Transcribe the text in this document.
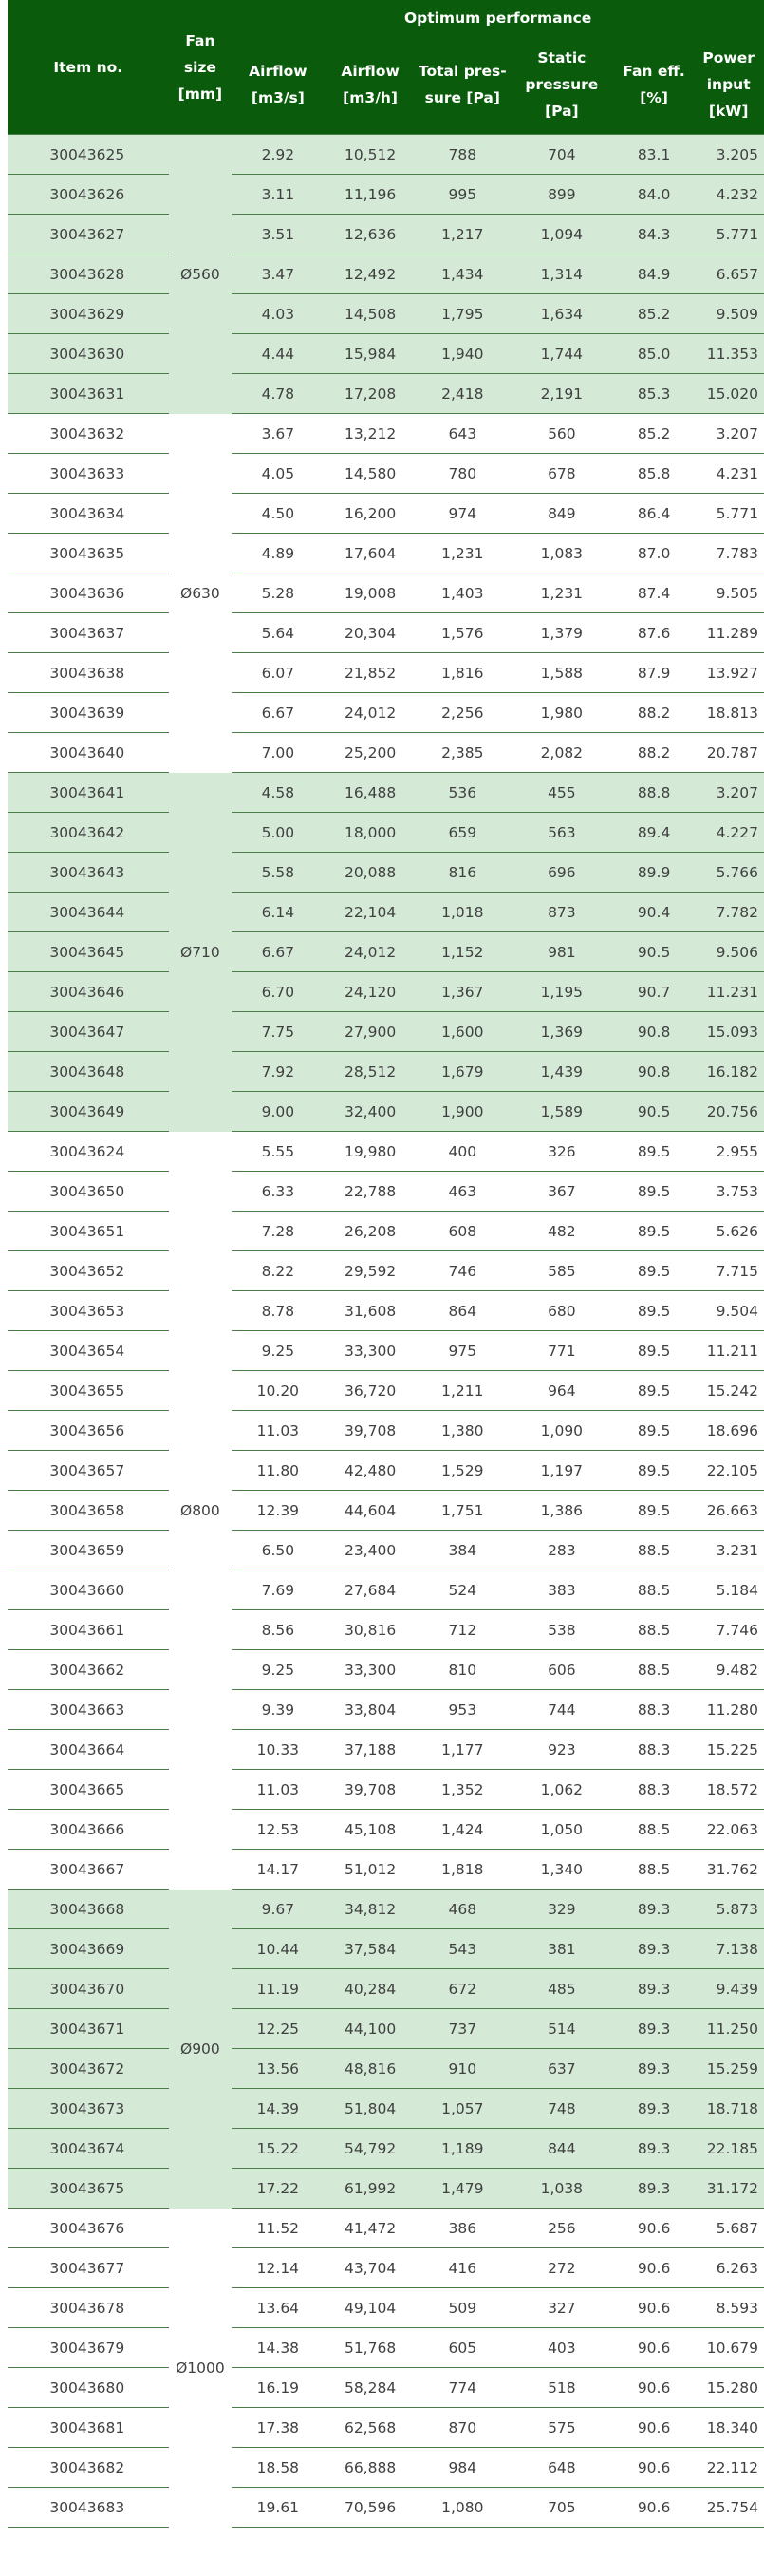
Item no.	Fan size [mm]	Optimum performance					
		Airflow [m3/s]	Airflow [m3/h]	Total pres-sure [Pa]	Static pressure [Pa]	Fan eff. [%]	Power input [kW]
30043625	Ø560	2.92	10,512	788	704	83.1	3.205
30043626		3.11	11,196	995	899	84.0	4.232
30043627		3.51	12,636	1,217	1,094	84.3	5.771
30043628		3.47	12,492	1,434	1,314	84.9	6.657
30043629		4.03	14,508	1,795	1,634	85.2	9.509
30043630		4.44	15,984	1,940	1,744	85.0	11.353
30043631		4.78	17,208	2,418	2,191	85.3	15.020
30043632	Ø630	3.67	13,212	643	560	85.2	3.207
30043633		4.05	14,580	780	678	85.8	4.231
30043634		4.50	16,200	974	849	86.4	5.771
30043635		4.89	17,604	1,231	1,083	87.0	7.783
30043636		5.28	19,008	1,403	1,231	87.4	9.505
30043637		5.64	20,304	1,576	1,379	87.6	11.289
30043638		6.07	21,852	1,816	1,588	87.9	13.927
30043639		6.67	24,012	2,256	1,980	88.2	18.813
30043640		7.00	25,200	2,385	2,082	88.2	20.787
30043641	Ø710	4.58	16,488	536	455	88.8	3.207
30043642		5.00	18,000	659	563	89.4	4.227
30043643		5.58	20,088	816	696	89.9	5.766
30043644		6.14	22,104	1,018	873	90.4	7.782
30043645		6.67	24,012	1,152	981	90.5	9.506
30043646		6.70	24,120	1,367	1,195	90.7	11.231
30043647		7.75	27,900	1,600	1,369	90.8	15.093
30043648		7.92	28,512	1,679	1,439	90.8	16.182
30043649		9.00	32,400	1,900	1,589	90.5	20.756
30043624	Ø800	5.55	19,980	400	326	89.5	2.955
30043650		6.33	22,788	463	367	89.5	3.753
30043651		7.28	26,208	608	482	89.5	5.626
30043652		8.22	29,592	746	585	89.5	7.715
30043653		8.78	31,608	864	680	89.5	9.504
30043654		9.25	33,300	975	771	89.5	11.211
30043655		10.20	36,720	1,211	964	89.5	15.242
30043656		11.03	39,708	1,380	1,090	89.5	18.696
30043657		11.80	42,480	1,529	1,197	89.5	22.105
30043658		12.39	44,604	1,751	1,386	89.5	26.663
30043659		6.50	23,400	384	283	88.5	3.231
30043660		7.69	27,684	524	383	88.5	5.184
30043661		8.56	30,816	712	538	88.5	7.746
30043662		9.25	33,300	810	606	88.5	9.482
30043663		9.39	33,804	953	744	88.3	11.280
30043664		10.33	37,188	1,177	923	88.3	15.225
30043665		11.03	39,708	1,352	1,062	88.3	18.572
30043666		12.53	45,108	1,424	1,050	88.5	22.063
30043667		14.17	51,012	1,818	1,340	88.5	31.762
30043668	Ø900	9.67	34,812	468	329	89.3	5.873
30043669		10.44	37,584	543	381	89.3	7.138
30043670		11.19	40,284	672	485	89.3	9.439
30043671		12.25	44,100	737	514	89.3	11.250
30043672		13.56	48,816	910	637	89.3	15.259
30043673		14.39	51,804	1,057	748	89.3	18.718
30043674		15.22	54,792	1,189	844	89.3	22.185
30043675		17.22	61,992	1,479	1,038	89.3	31.172
30043676	Ø1000	11.52	41,472	386	256	90.6	5.687
30043677		12.14	43,704	416	272	90.6	6.263
30043678		13.64	49,104	509	327	90.6	8.593
30043679		14.38	51,768	605	403	90.6	10.679
30043680		16.19	58,284	774	518	90.6	15.280
30043681		17.38	62,568	870	575	90.6	18.340
30043682		18.58	66,888	984	648	90.6	22.112
30043683		19.61	70,596	1,080	705	90.6	25.754
